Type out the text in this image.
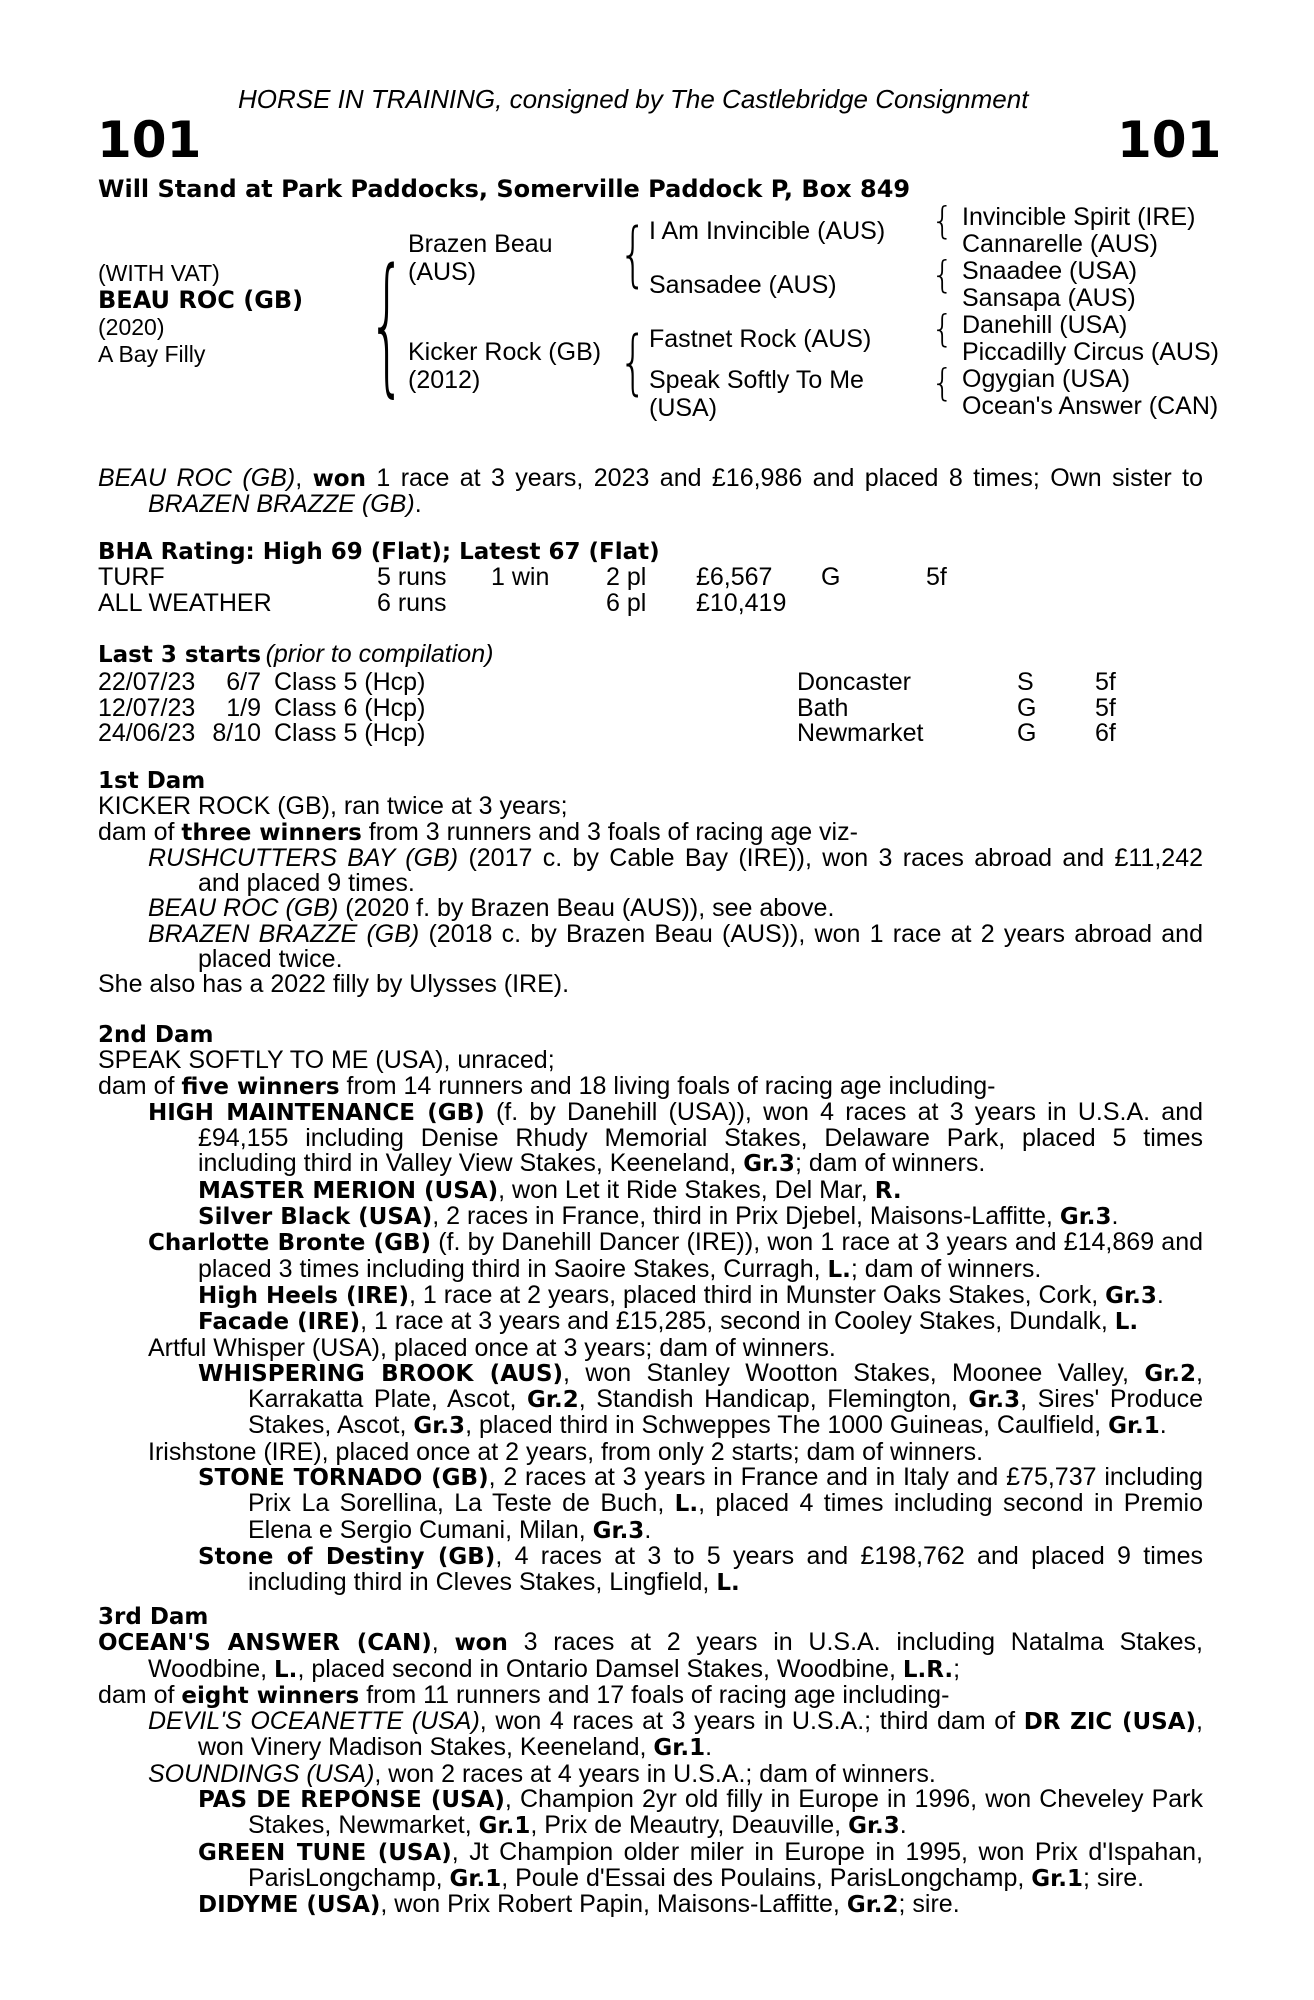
HORSE IN TRAINING, consigned by The Castlebridge Consignment
101	101
Will Stand at Park Paddocks, Somerville Paddock P, Box 849
(WITH VAT)
BEAU ROC (GB)
(2020)
A Bay Filly	{	{
{
{
{
{
{
Brazen Beau
(AUS)
Kicker Rock (GB)
(2012)
I Am Invincible (AUS)
Sansadee (AUS)
Fastnet Rock (AUS)
Speak Softly To Me
(USA)
Invincible Spirit (IRE)
Cannarelle (AUS)
Snaadee (USA)
Sansapa (AUS)
Danehill (USA)
Piccadilly Circus (AUS)
Ogygian (USA)
Ocean's Answer (CAN)

BEAU ROC (GB), won 1 race at 3 years, 2023 and £16,986 and placed 8 times; Own sister to BRAZEN BRAZZE (GB).

BHA Rating: High 69 (Flat); Latest 67 (Flat)
TURF	5 runs	1 win	2 pl	£6,567	G	5f
ALL WEATHER	6 runs		6 pl	£10,419		
Last 3 starts (prior to compilation)
22/07/23	6/7	Class 5 (Hcp)	Doncaster	S	5f
12/07/23	1/9	Class 6 (Hcp)	Bath	G	5f
24/06/23	8/10	Class 5 (Hcp)	Newmarket	G	6f

1st Dam

KICKER ROCK (GB), ran twice at 3 years;

dam of three winners from 3 runners and 3 foals of racing age viz-

RUSHCUTTERS BAY (GB) (2017 c. by Cable Bay (IRE)), won 3 races abroad and £11,242 and placed 9 times.

BEAU ROC (GB) (2020 f. by Brazen Beau (AUS)), see above.

BRAZEN BRAZZE (GB) (2018 c. by Brazen Beau (AUS)), won 1 race at 2 years abroad and placed twice.

She also has a 2022 filly by Ulysses (IRE).

2nd Dam

SPEAK SOFTLY TO ME (USA), unraced;

dam of five winners from 14 runners and 18 living foals of racing age including-

HIGH MAINTENANCE (GB) (f. by Danehill (USA)), won 4 races at 3 years in U.S.A. and £94,155 including Denise Rhudy Memorial Stakes, Delaware Park, placed 5 times including third in Valley View Stakes, Keeneland, Gr.3; dam of winners.

MASTER MERION (USA), won Let it Ride Stakes, Del Mar, R.

Silver Black (USA), 2 races in France, third in Prix Djebel, Maisons-Laffitte, Gr.3.

Charlotte Bronte (GB) (f. by Danehill Dancer (IRE)), won 1 race at 3 years and £14,869 and placed 3 times including third in Saoire Stakes, Curragh, L.; dam of winners.

High Heels (IRE), 1 race at 2 years, placed third in Munster Oaks Stakes, Cork, Gr.3.

Facade (IRE), 1 race at 3 years and £15,285, second in Cooley Stakes, Dundalk, L.

Artful Whisper (USA), placed once at 3 years; dam of winners.

WHISPERING BROOK (AUS), won Stanley Wootton Stakes, Moonee Valley, Gr.2, Karrakatta Plate, Ascot, Gr.2, Standish Handicap, Flemington, Gr.3, Sires' Produce Stakes, Ascot, Gr.3, placed third in Schweppes The 1000 Guineas, Caulfield, Gr.1.

Irishstone (IRE), placed once at 2 years, from only 2 starts; dam of winners.

STONE TORNADO (GB), 2 races at 3 years in France and in Italy and £75,737 including Prix La Sorellina, La Teste de Buch, L., placed 4 times including second in Premio Elena e Sergio Cumani, Milan, Gr.3.

Stone of Destiny (GB), 4 races at 3 to 5 years and £198,762 and placed 9 times including third in Cleves Stakes, Lingfield, L.

3rd Dam

OCEAN'S ANSWER (CAN), won 3 races at 2 years in U.S.A. including Natalma Stakes, Woodbine, L., placed second in Ontario Damsel Stakes, Woodbine, L.R.;

dam of eight winners from 11 runners and 17 foals of racing age including-

DEVIL'S OCEANETTE (USA), won 4 races at 3 years in U.S.A.; third dam of DR ZIC (USA), won Vinery Madison Stakes, Keeneland, Gr.1.

SOUNDINGS (USA), won 2 races at 4 years in U.S.A.; dam of winners.

PAS DE REPONSE (USA), Champion 2yr old filly in Europe in 1996, won Cheveley Park Stakes, Newmarket, Gr.1, Prix de Meautry, Deauville, Gr.3.

GREEN TUNE (USA), Jt Champion older miler in Europe in 1995, won Prix d'Ispahan, ParisLongchamp, Gr.1, Poule d'Essai des Poulains, ParisLongchamp, Gr.1; sire.

DIDYME (USA), won Prix Robert Papin, Maisons-Laffitte, Gr.2; sire.
